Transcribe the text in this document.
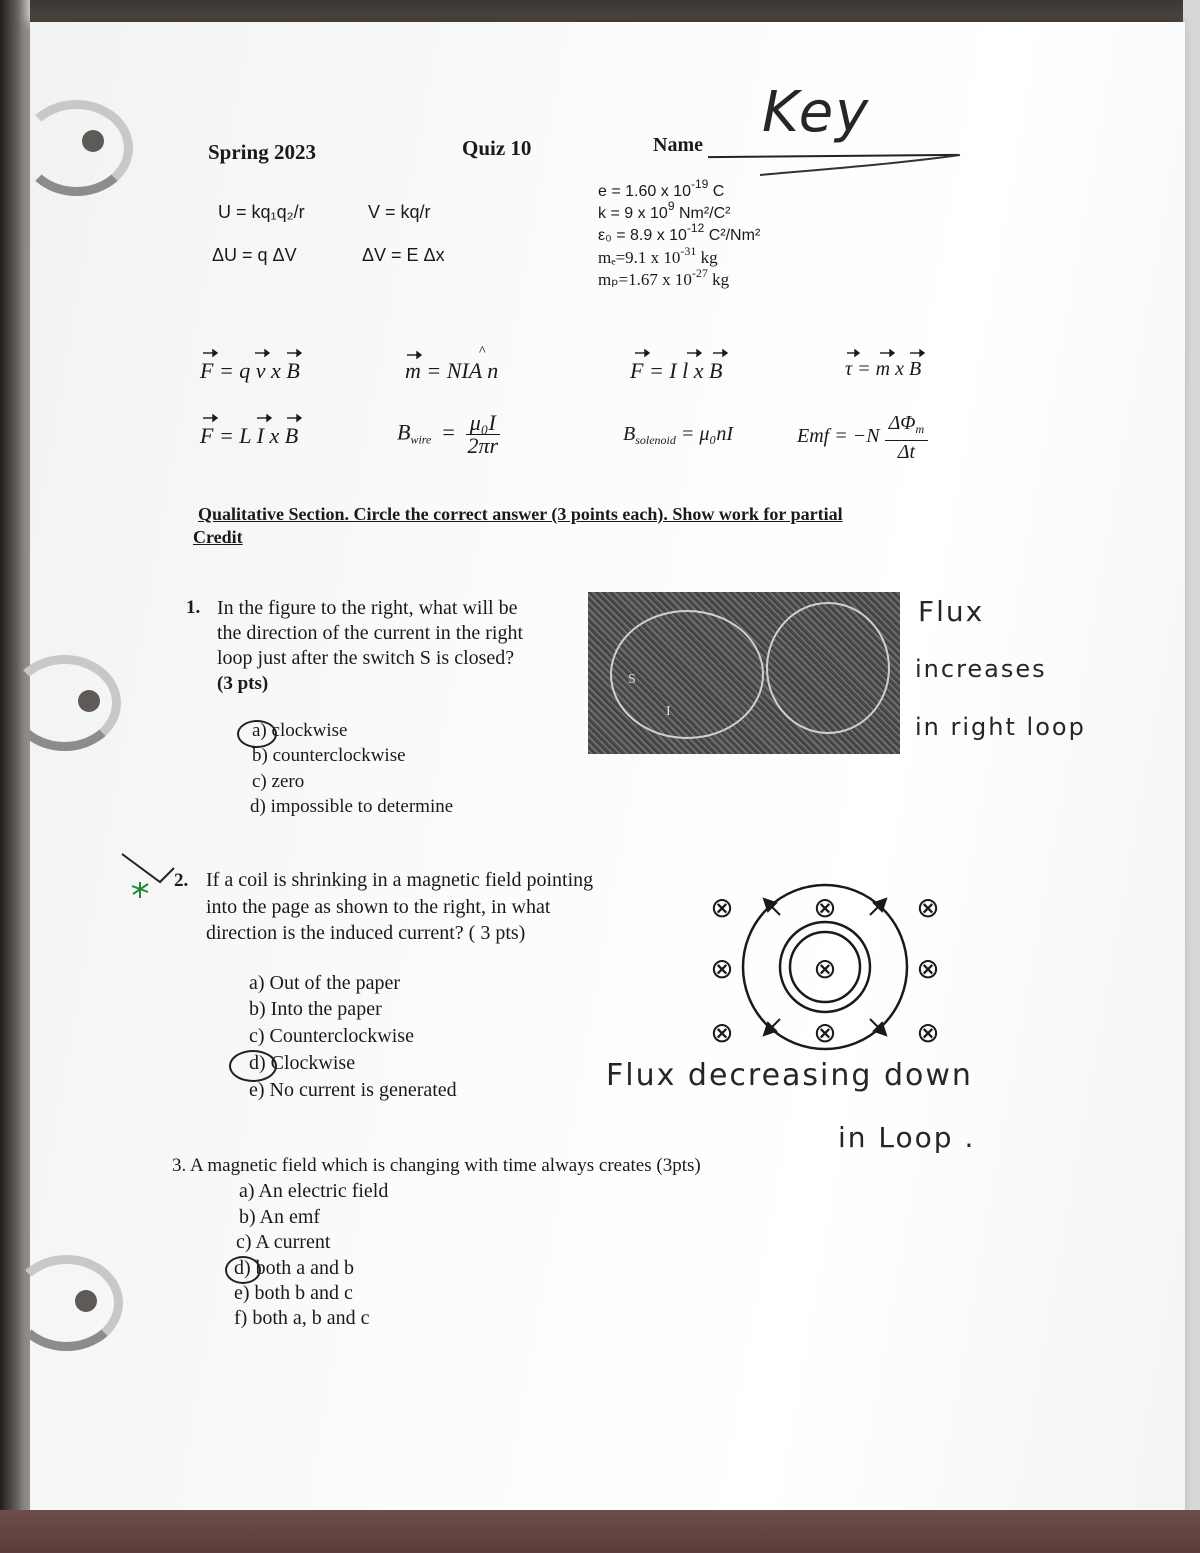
Spring 2023	Quiz 10	Name Key
U = kq₁q₂/r
ΔU = q ΔV
V = kq/r
ΔV = E Δx
e = 1.60 x $10^{-19}$ C
k = 9 x $10^9$ Nm²/C²
ε₀ = 8.9 x $10^{-12}$ C²/Nm²
mₑ=9.1 x $10^{-31}$ kg
mₚ=1.67 x $10^{-27}$ kg
F = q v x B	m = NIA n	F = I l x B	τ = m x B
^
F = L I x B	$B_{wire} = \frac{\text{μ₀I}}{2\pi r}$	$B_{solenoid} = \mu_0nI$	Emf = $-N \frac{\Delta\Phi_m}{\Delta t}$
Qualitative Section. Circle the correct answer (3 points each). Show work for partial
Credit
1. In the figure to the right, what will be
the direction of the current in the right
loop just after the switch S is closed?
(3 pts)
a) clockwise
b) counterclockwise
c) zero
d) impossible to determine
S
I
Flux
increases
in right loop
2. If a coil is shrinking in a magnetic field pointing
into the page as shown to the right, in what
direction is the induced current? ( 3 pts)
a) Out of the paper
b) Into the paper
c) Counterclockwise
d) Clockwise
e) No current is generated
⊗	⊗	⊗
⊗	⊗	⊗
⊗	⊗	⊗
Flux decreasing down
in Loop .
3. A magnetic field which is changing with time always creates (3pts)
a) An electric field
b) An emf
c) A current
d) both a and b
e) both b and c
f) both a, b and c
